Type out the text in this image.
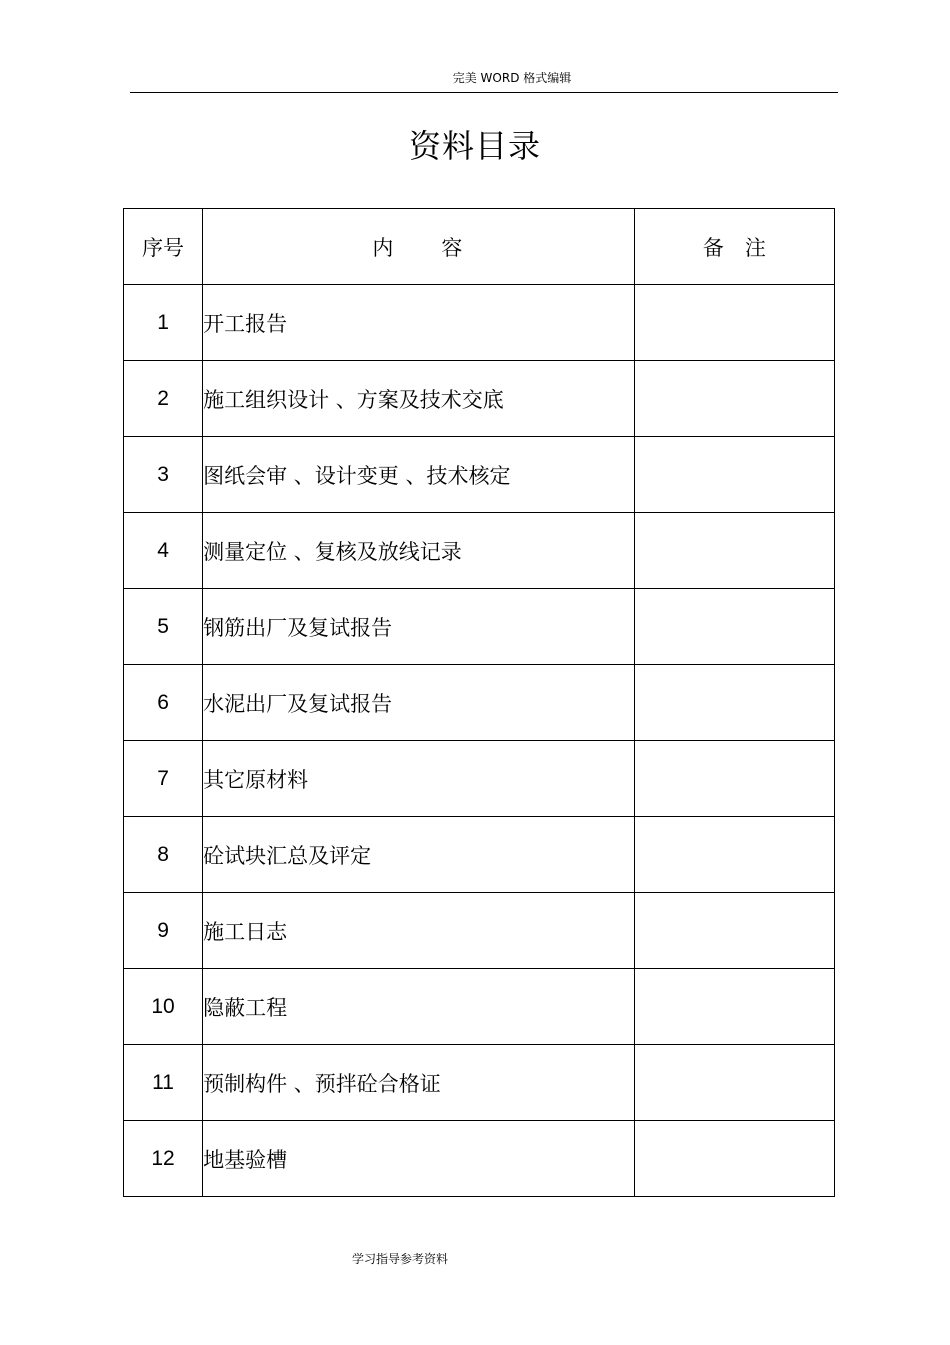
完美 WORD 格式编辑
资料目录
序号	内　　容	备　注
1	开工报告	
2	施工组织设计 、方案及技术交底	
3	图纸会审 、设计变更 、技术核定	
4	测量定位 、复核及放线记录	
5	钢筋出厂及复试报告	
6	水泥出厂及复试报告	
7	其它原材料	
8	砼试块汇总及评定	
9	施工日志	
10	隐蔽工程	
11	预制构件 、预拌砼合格证	
12	地基验槽	
学习指导参考资料
